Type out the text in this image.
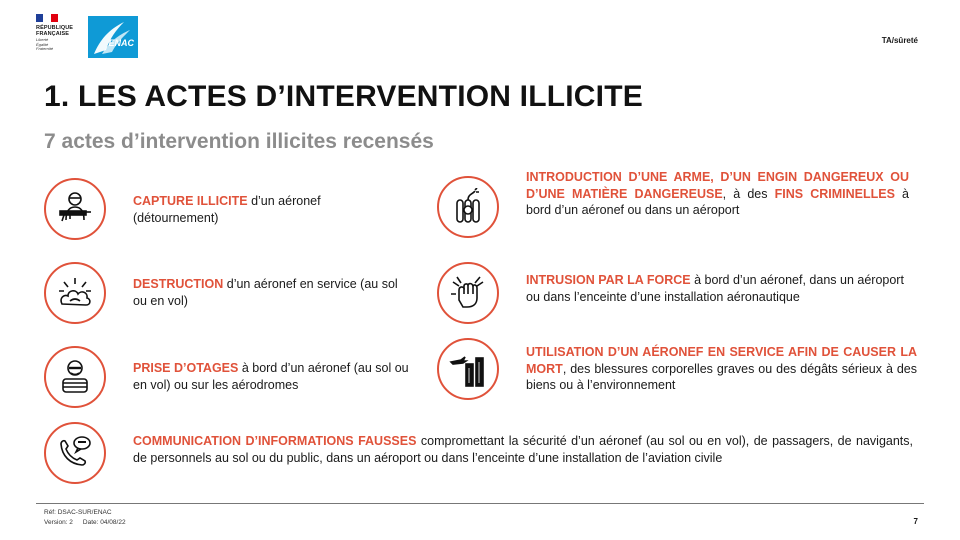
RÉPUBLIQUE
FRANÇAISE
Liberté
Égalité
Fraternité
ENAC	TA/sûreté
1. LES ACTES D’INTERVENTION ILLICITE
7 actes d’intervention illicites recensés
CAPTURE ILLICITE d’un aéronef (détournement)
DESTRUCTION d’un aéronef en service (au sol ou en vol)
PRISE D’OTAGES à bord d’un aéronef (au sol ou en vol) ou sur les aérodromes
COMMUNICATION D’INFORMATIONS FAUSSES compromettant la sécurité d’un aéronef (au sol ou en vol), de passagers, de navigants, de personnels au sol ou du public, dans un aéroport ou dans l’enceinte d’une installation de l’aviation civile
INTRODUCTION D’UNE ARME, D’UN ENGIN DANGEREUX OU D’UNE MATIÈRE DANGEREUSE, à des FINS CRIMINELLES à bord d’un aéronef ou dans un aéroport
INTRUSION PAR LA FORCE à bord d’un aéronef, dans un aéroport ou dans l’enceinte d’une installation aéronautique
UTILISATION D’UN AÉRONEF EN SERVICE AFIN DE CAUSER LA MORT, des blessures corporelles graves ou des dégâts sérieux à des biens ou à l’environnement
Réf: DSAC-SUR/ENAC
Version: 2 Date: 04/08/22	7
